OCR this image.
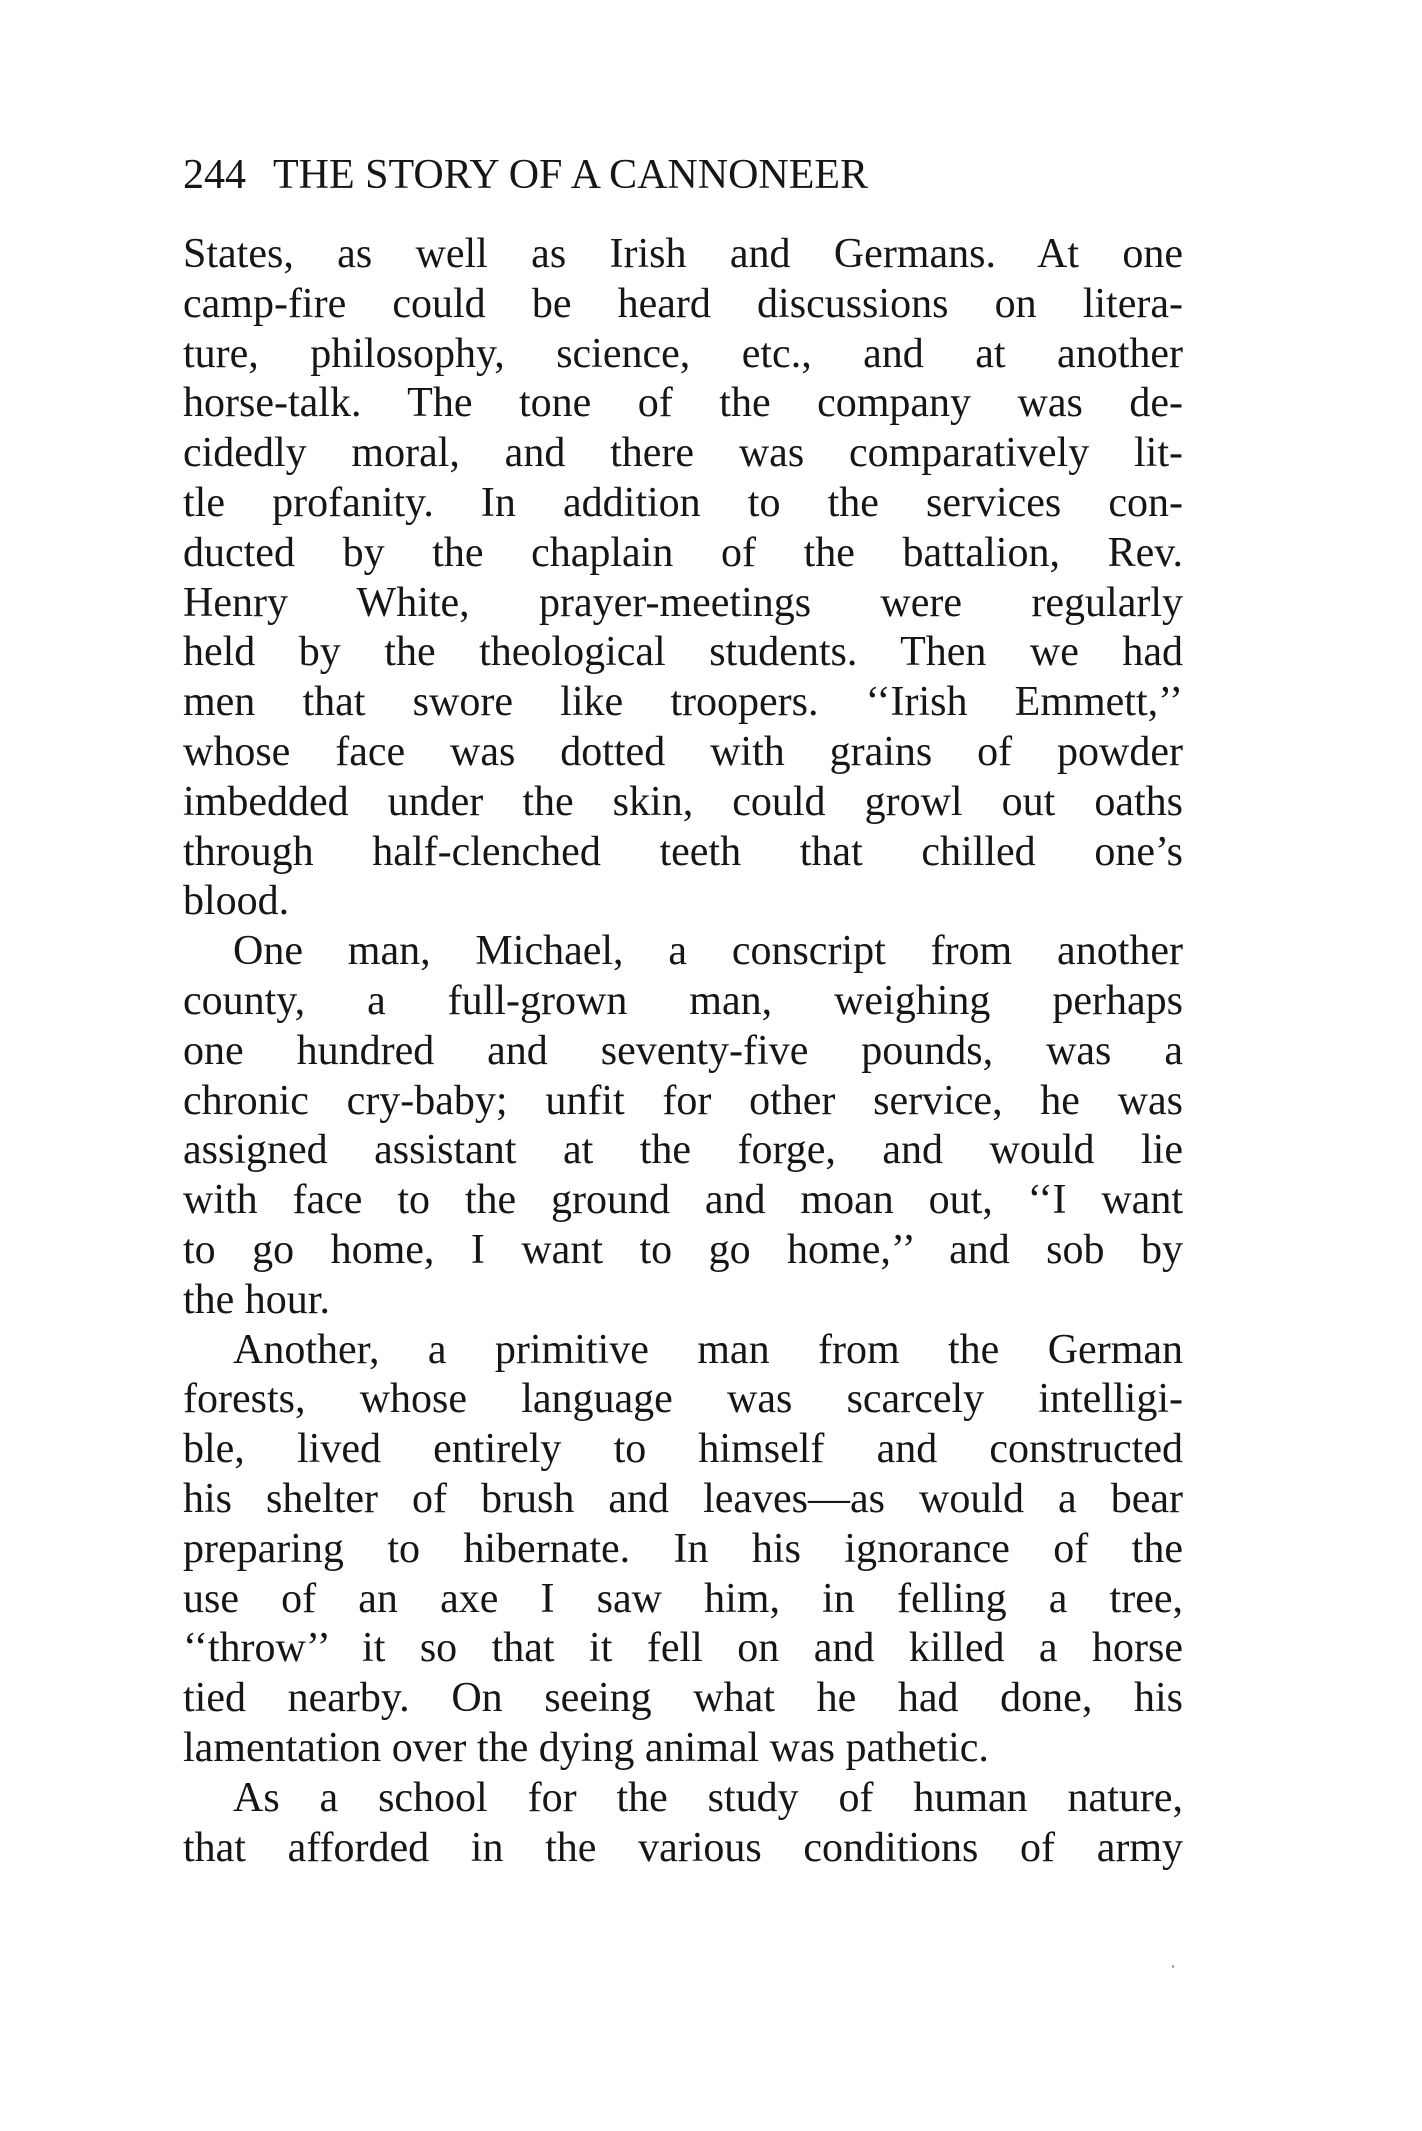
244 THE STORY OF A CANNONEER
States, as well as Irish and Germans. At one
camp-fire could be heard discussions on litera-
ture, philosophy, science, etc., and at another
horse-talk. The tone of the company was de-
cidedly moral, and there was comparatively lit-
tle profanity. In addition to the services con-
ducted by the chaplain of the battalion, Rev.
Henry White, prayer-meetings were regularly
held by the theological students. Then we had
men that swore like troopers. ‘‘Irish Emmett,’’
whose face was dotted with grains of powder
imbedded under the skin, could growl out oaths
through half-clenched teeth that chilled one’s
blood.
One man, Michael, a conscript from another
county, a full-grown man, weighing perhaps
one hundred and seventy-five pounds, was a
chronic cry-baby; unfit for other service, he was
assigned assistant at the forge, and would lie
with face to the ground and moan out, ‘‘I want
to go home, I want to go home,’’ and sob by
the hour.
Another, a primitive man from the German
forests, whose language was scarcely intelligi-
ble, lived entirely to himself and constructed
his shelter of brush and leaves—as would a bear
preparing to hibernate. In his ignorance of the
use of an axe I saw him, in felling a tree,
‘‘throw’’ it so that it fell on and killed a horse
tied nearby. On seeing what he had done, his
lamentation over the dying animal was pathetic.
As a school for the study of human nature,
that afforded in the various conditions of army
